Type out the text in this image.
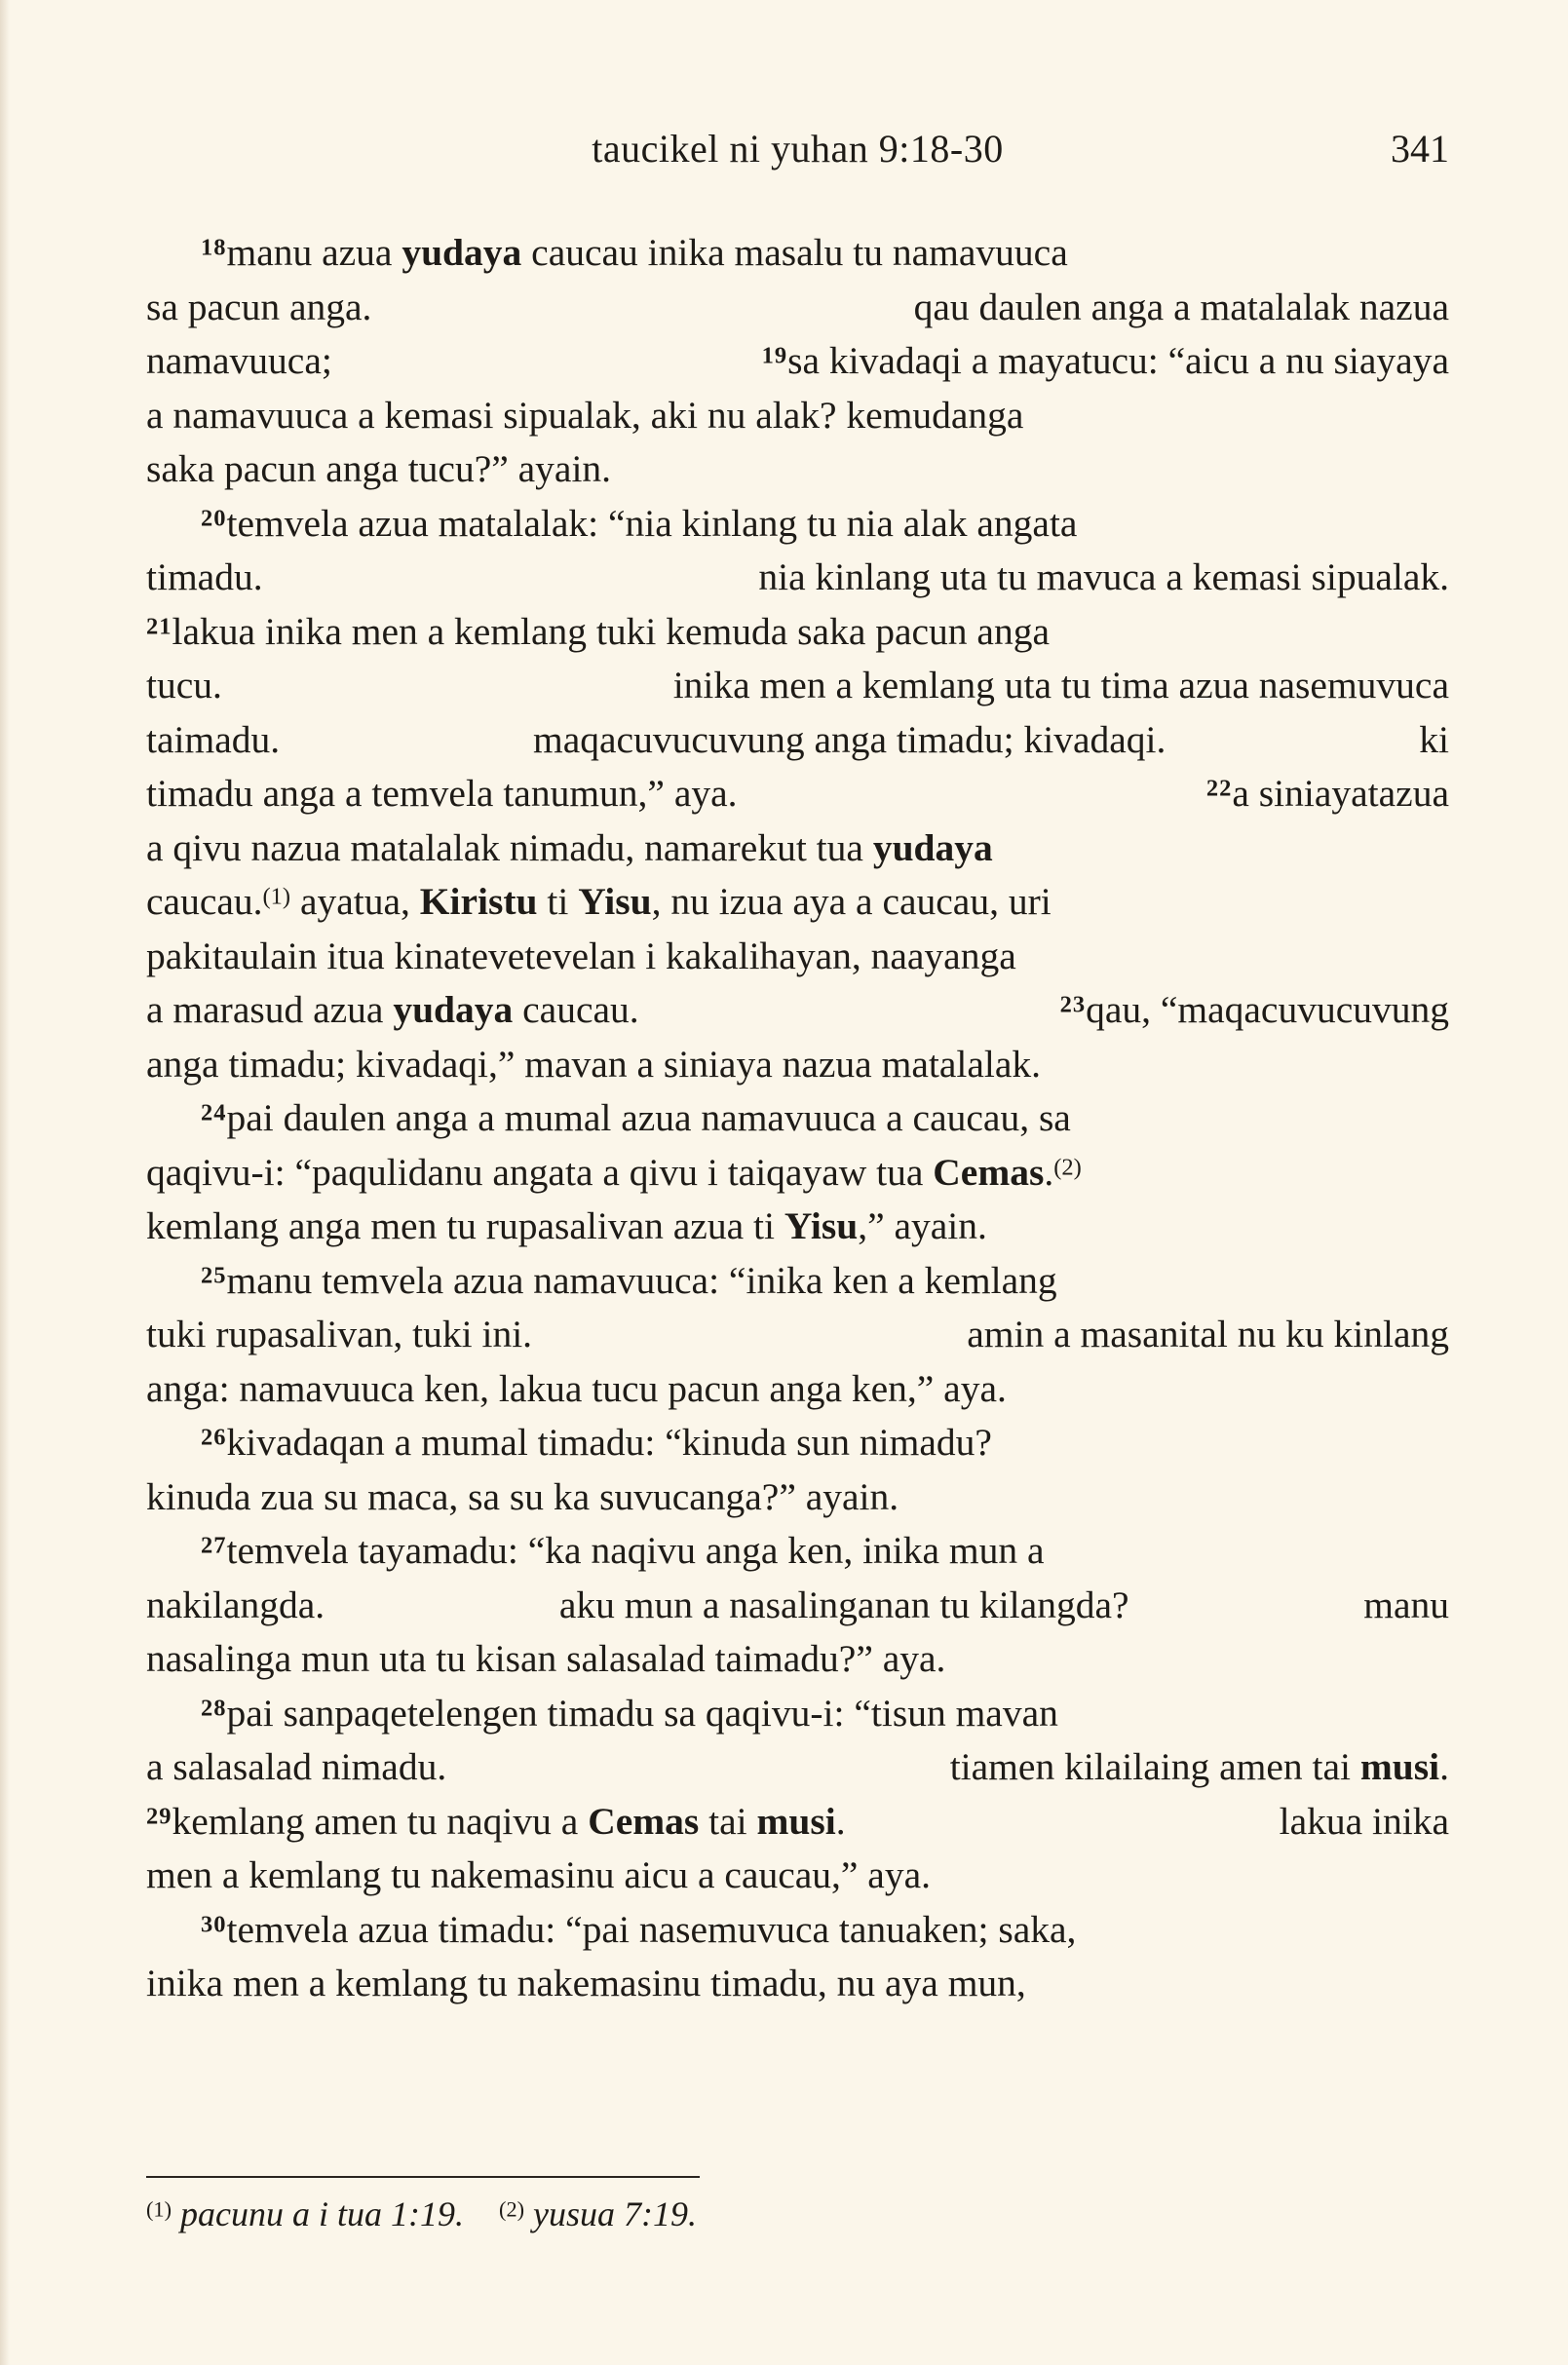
taucikel ni yuhan 9:18-30	341
$^{18}$manu azua yudaya caucau inika masalu tu namavuuca
sa pacun anga.	qau daulen anga a matalalak nazua
namavuuca;	$^{19}$sa kivadaqi a mayatucu: “aicu a nu siayaya
a namavuuca a kemasi sipualak, aki nu alak? kemudanga
saka pacun anga tucu?” ayain.
$^{20}$temvela azua matalalak: “nia kinlang tu nia alak angata
timadu.	nia kinlang uta tu mavuca a kemasi sipualak.
$^{21}$lakua inika men a kemlang tuki kemuda saka pacun anga
tucu.	inika men a kemlang uta tu tima azua nasemuvuca
taimadu.	maqacuvucuvung anga timadu; kivadaqi.	ki
timadu anga a temvela tanumun,” aya.	$^{22}$a siniayatazua
a qivu nazua matalalak nimadu, namarekut tua yudaya
caucau.$^{(1)}$ ayatua, Kiristu ti Yisu, nu izua aya a caucau, uri
pakitaulain itua kinatevetevelan i kakalihayan, naayanga
a marasud azua yudaya caucau.	$^{23}$qau, “maqacuvucuvung
anga timadu; kivadaqi,” mavan a siniaya nazua matalalak.
$^{24}$pai daulen anga a mumal azua namavuuca a caucau, sa
qaqivu-i: “paqulidanu angata a qivu i taiqayaw tua Cemas.$^{(2)}$
kemlang anga men tu rupasalivan azua ti Yisu,” ayain.
$^{25}$manu temvela azua namavuuca: “inika ken a kemlang
tuki rupasalivan, tuki ini.	amin a masanital nu ku kinlang
anga: namavuuca ken, lakua tucu pacun anga ken,” aya.
$^{26}$kivadaqan a mumal timadu: “kinuda sun nimadu?
kinuda zua su maca, sa su ka suvucanga?” ayain.
$^{27}$temvela tayamadu: “ka naqivu anga ken, inika mun a
nakilangda.	aku mun a nasalinganan tu kilangda?	manu
nasalinga mun uta tu kisan salasalad taimadu?” aya.
$^{28}$pai sanpaqetelengen timadu sa qaqivu-i: “tisun mavan
a salasalad nimadu.	tiamen kilailaing amen tai musi.
$^{29}$kemlang amen tu naqivu a Cemas tai musi.	lakua inika
men a kemlang tu nakemasinu aicu a caucau,” aya.
$^{30}$temvela azua timadu: “pai nasemuvuca tanuaken; saka,
inika men a kemlang tu nakemasinu timadu, nu aya mun,
$^{(1)}$ pacunu a i tua 1:19. $^{(2)}$ yusua 7:19.
